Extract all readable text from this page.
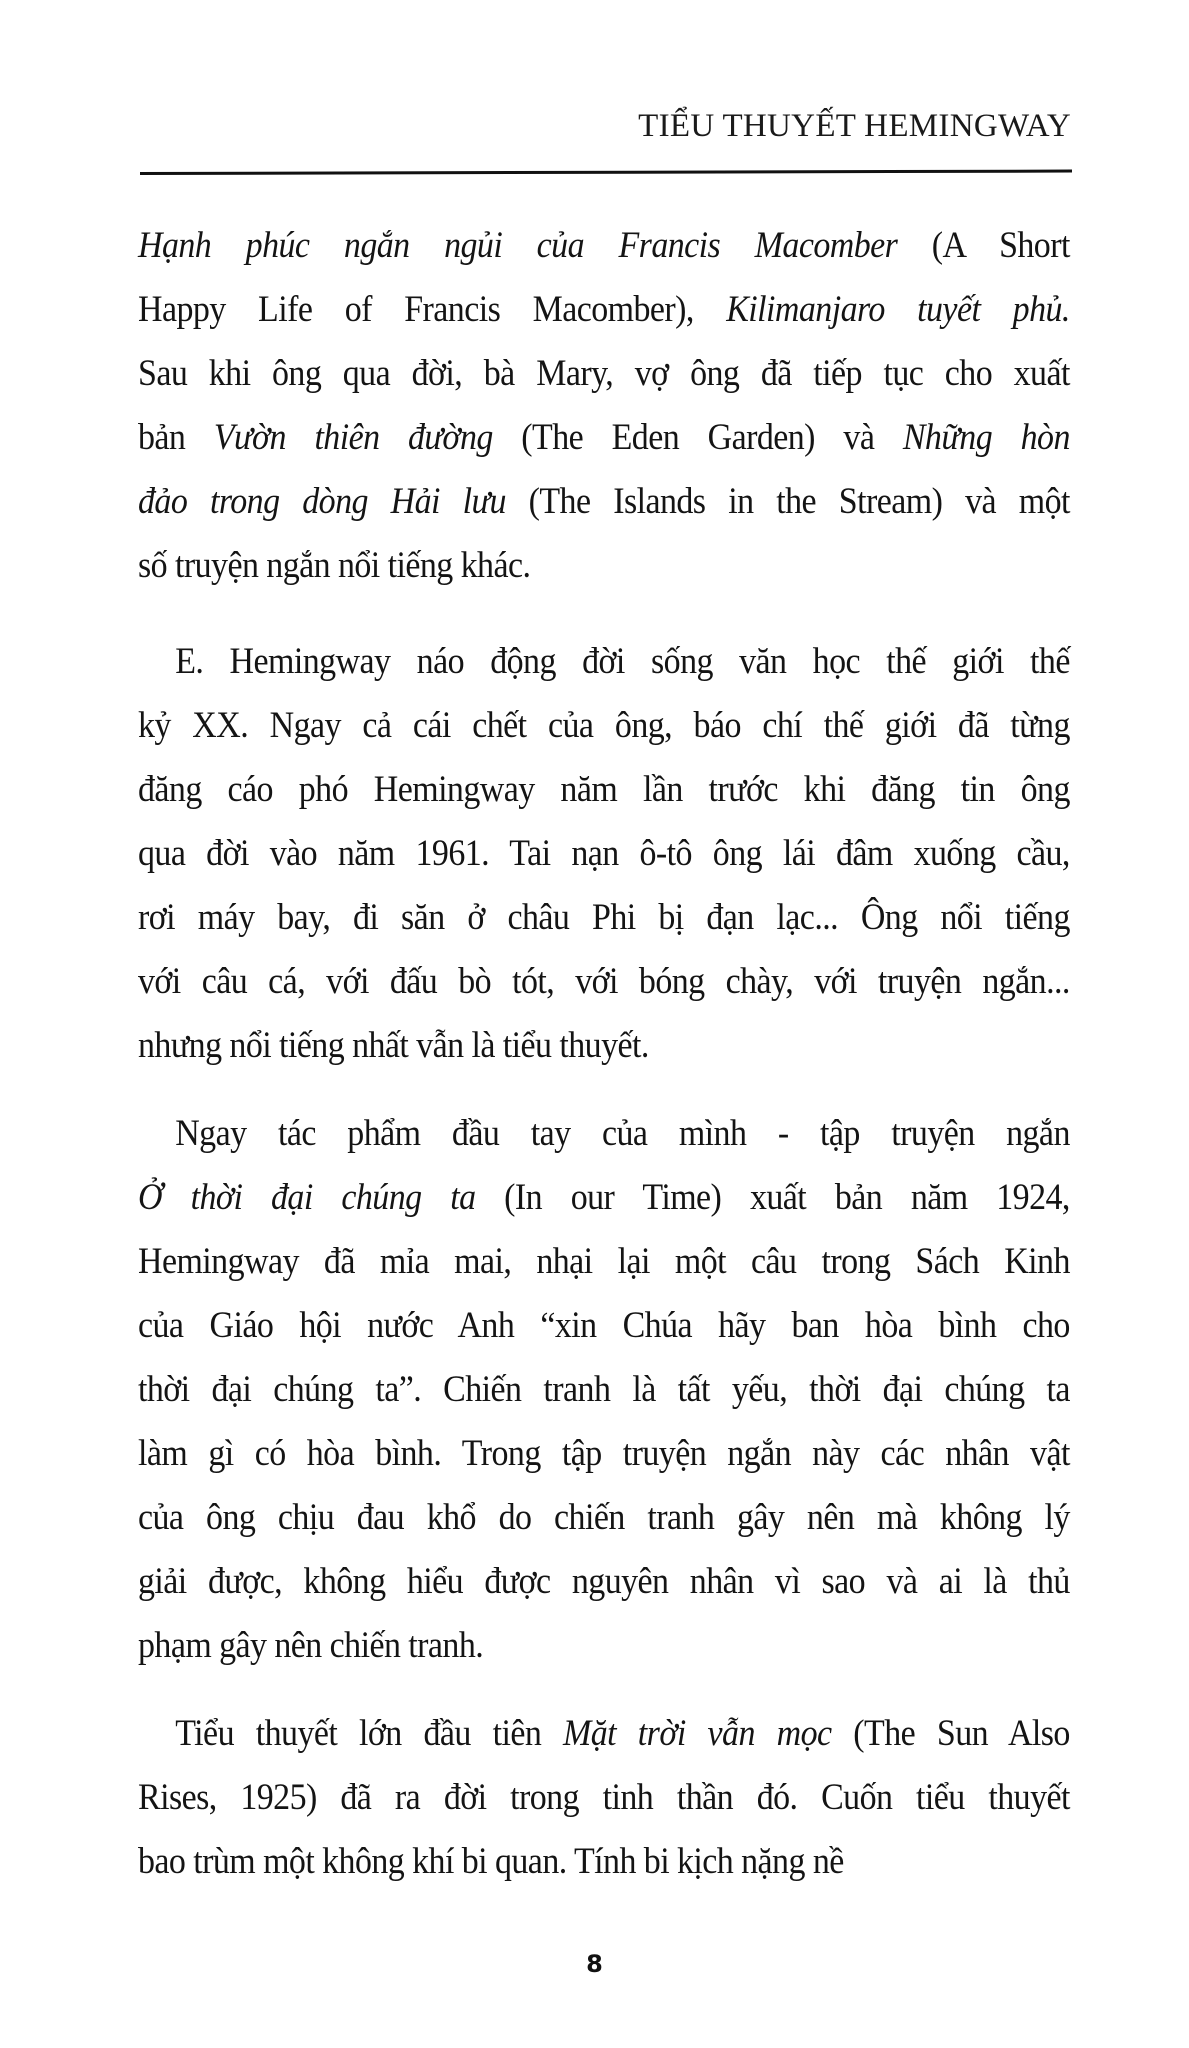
TIỂU THUYẾT HEMINGWAY
Hạnh phúc ngắn ngủi của Francis Macomber (A Short
Happy Life of Francis Macomber), Kilimanjaro tuyết phủ.
Sau khi ông qua đời, bà Mary, vợ ông đã tiếp tục cho xuất
bản Vườn thiên đường (The Eden Garden) và Những hòn
đảo trong dòng Hải lưu (The Islands in the Stream) và một
số truyện ngắn nổi tiếng khác.
E. Hemingway náo động đời sống văn học thế giới thế
kỷ XX. Ngay cả cái chết của ông, báo chí thế giới đã từng
đăng cáo phó Hemingway năm lần trước khi đăng tin ông
qua đời vào năm 1961. Tai nạn ô-tô ông lái đâm xuống cầu,
rơi máy bay, đi săn ở châu Phi bị đạn lạc... Ông nổi tiếng
với câu cá, với đấu bò tót, với bóng chày, với truyện ngắn...
nhưng nổi tiếng nhất vẫn là tiểu thuyết.
Ngay tác phẩm đầu tay của mình - tập truyện ngắn
Ở thời đại chúng ta (In our Time) xuất bản năm 1924,
Hemingway đã mỉa mai, nhại lại một câu trong Sách Kinh
của Giáo hội nước Anh “xin Chúa hãy ban hòa bình cho
thời đại chúng ta”. Chiến tranh là tất yếu, thời đại chúng ta
làm gì có hòa bình. Trong tập truyện ngắn này các nhân vật
của ông chịu đau khổ do chiến tranh gây nên mà không lý
giải được, không hiểu được nguyên nhân vì sao và ai là thủ
phạm gây nên chiến tranh.
Tiểu thuyết lớn đầu tiên Mặt trời vẫn mọc (The Sun Also
Rises, 1925) đã ra đời trong tinh thần đó. Cuốn tiểu thuyết
bao trùm một không khí bi quan. Tính bi kịch nặng nề
8
